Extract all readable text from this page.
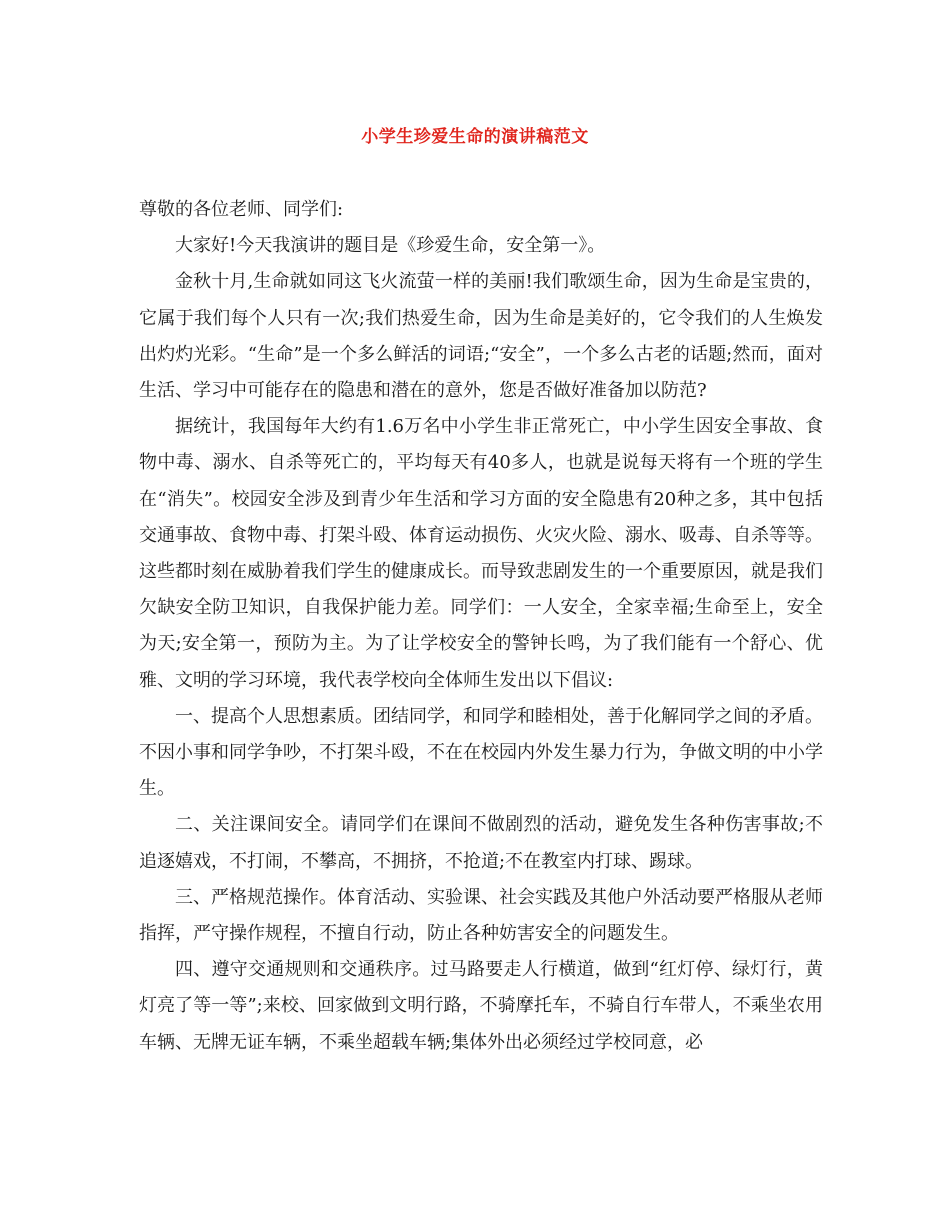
小学生珍爱生命的演讲稿范文

尊敬的各位老师、同学们:

大家好!今天我演讲的题目是《珍爱生命，安全第一》。

金秋十月,生命就如同这飞火流萤一样的美丽!我们歌颂生命，因为生命是宝贵的，它属于我们每个人只有一次;我们热爱生命，因为生命是美好的，它令我们的人生焕发出灼灼光彩。“生命”是一个多么鲜活的词语;“安全”，一个多么古老的话题;然而，面对生活、学习中可能存在的隐患和潜在的意外，您是否做好准备加以防范?

据统计，我国每年大约有1.6万名中小学生非正常死亡，中小学生因安全事故、食物中毒、溺水、自杀等死亡的，平均每天有40多人，也就是说每天将有一个班的学生在“消失”。校园安全涉及到青少年生活和学习方面的安全隐患有20种之多，其中包括交通事故、食物中毒、打架斗殴、体育运动损伤、火灾火险、溺水、吸毒、自杀等等。这些都时刻在威胁着我们学生的健康成长。而导致悲剧发生的一个重要原因，就是我们欠缺安全防卫知识，自我保护能力差。同学们：一人安全，全家幸福;生命至上，安全为天;安全第一，预防为主。为了让学校安全的警钟长鸣，为了我们能有一个舒心、优雅、文明的学习环境，我代表学校向全体师生发出以下倡议:

一、提高个人思想素质。团结同学，和同学和睦相处，善于化解同学之间的矛盾。不因小事和同学争吵，不打架斗殴，不在在校园内外发生暴力行为，争做文明的中小学生。

二、关注课间安全。请同学们在课间不做剧烈的活动，避免发生各种伤害事故;不追逐嬉戏，不打闹，不攀高，不拥挤，不抢道;不在教室内打球、踢球。

三、严格规范操作。体育活动、实验课、社会实践及其他户外活动要严格服从老师指挥，严守操作规程，不擅自行动，防止各种妨害安全的问题发生。

四、遵守交通规则和交通秩序。过马路要走人行横道，做到“红灯停、绿灯行，黄灯亮了等一等”;来校、回家做到文明行路，不骑摩托车，不骑自行车带人，不乘坐农用车辆、无牌无证车辆，不乘坐超载车辆;集体外出必须经过学校同意，必
